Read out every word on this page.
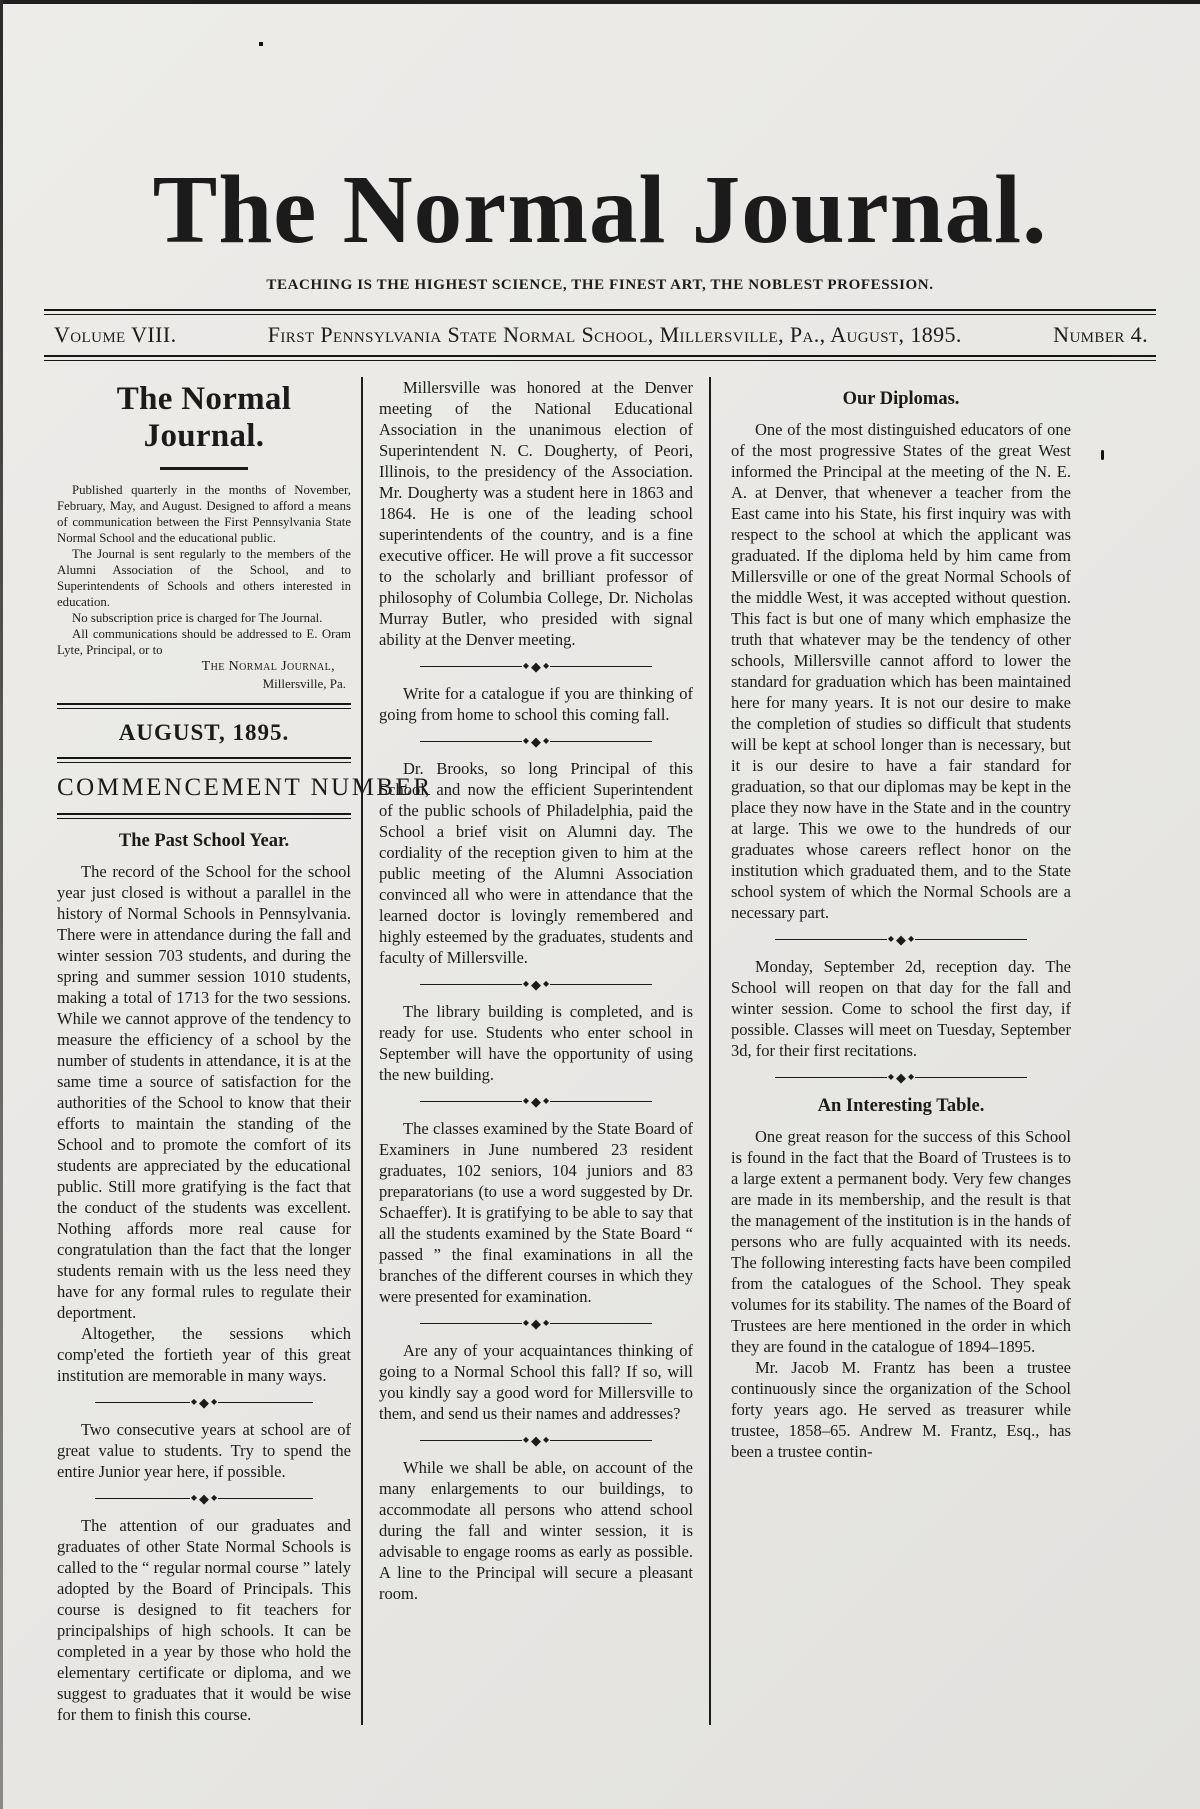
The Normal Journal.
TEACHING IS THE HIGHEST SCIENCE, THE FINEST ART, THE NOBLEST PROFESSION.
Volume VIII.	First Pennsylvania State Normal School, Millersville, Pa., August, 1895.	Number 4.
The Normal Journal.

Published quarterly in the months of November, February, May, and August. Designed to afford a means of communication between the First Pennsylvania State Normal School and the educational public.

The Journal is sent regularly to the members of the Alumni Association of the School, and to Superintendents of Schools and others interested in education.

No subscription price is charged for The Journal.

All communications should be addressed to E. Oram Lyte, Principal, or to

The Normal Journal,
Millersville, Pa.
AUGUST, 1895.
COMMENCEMENT NUMBER
The Past School Year.

The record of the School for the school year just closed is without a parallel in the history of Normal Schools in Pennsylvania. There were in attendance during the fall and winter session 703 students, and during the spring and summer session 1010 students, making a total of 1713 for the two sessions. While we cannot approve of the tendency to measure the efficiency of a school by the number of students in attendance, it is at the same time a source of satisfaction for the authorities of the School to know that their efforts to maintain the standing of the School and to promote the comfort of its students are appreciated by the educational public. Still more gratifying is the fact that the conduct of the students was excellent. Nothing affords more real cause for congratulation than the fact that the longer students remain with us the less need they have for any formal rules to regulate their deportment.

Altogether, the sessions which comp'eted the fortieth year of this great institution are memorable in many ways.

◆ ◆ ◆

Two consecutive years at school are of great value to students. Try to spend the entire Junior year here, if possible.

◆ ◆ ◆

The attention of our graduates and graduates of other State Normal Schools is called to the “ regular normal course ” lately adopted by the Board of Principals. This course is designed to fit teachers for principalships of high schools. It can be completed in a year by those who hold the elementary certificate or diploma, and we suggest to graduates that it would be wise for them to finish this course.

Millersville was honored at the Denver meeting of the National Educational Association in the unanimous election of Superintendent N. C. Dougherty, of Peori, Illinois, to the presidency of the Association. Mr. Dougherty was a student here in 1863 and 1864. He is one of the leading school superintendents of the country, and is a fine executive officer. He will prove a fit successor to the scholarly and brilliant professor of philosophy of Columbia College, Dr. Nicholas Murray Butler, who presided with signal ability at the Denver meeting.

◆ ◆ ◆

Write for a catalogue if you are thinking of going from home to school this coming fall.

◆ ◆ ◆

Dr. Brooks, so long Principal of this School, and now the efficient Superintendent of the public schools of Philadelphia, paid the School a brief visit on Alumni day. The cordiality of the reception given to him at the public meeting of the Alumni Association convinced all who were in attendance that the learned doctor is lovingly remembered and highly esteemed by the graduates, students and faculty of Millersville.

◆ ◆ ◆

The library building is completed, and is ready for use. Students who enter school in September will have the opportunity of using the new building.

◆ ◆ ◆

The classes examined by the State Board of Examiners in June numbered 23 resident graduates, 102 seniors, 104 juniors and 83 preparatorians (to use a word suggested by Dr. Schaeffer). It is gratifying to be able to say that all the students examined by the State Board “ passed ” the final examinations in all the branches of the different courses in which they were presented for examination.

◆ ◆ ◆

Are any of your acquaintances thinking of going to a Normal School this fall? If so, will you kindly say a good word for Millersville to them, and send us their names and addresses?

◆ ◆ ◆

While we shall be able, on account of the many enlargements to our buildings, to accommodate all persons who attend school during the fall and winter session, it is advisable to engage rooms as early as possible. A line to the Principal will secure a pleasant room.

Our Diplomas.

One of the most distinguished educators of one of the most progressive States of the great West informed the Principal at the meeting of the N. E. A. at Denver, that whenever a teacher from the East came into his State, his first inquiry was with respect to the school at which the applicant was graduated. If the diploma held by him came from Millersville or one of the great Normal Schools of the middle West, it was accepted without question. This fact is but one of many which emphasize the truth that whatever may be the tendency of other schools, Millersville cannot afford to lower the standard for graduation which has been maintained here for many years. It is not our desire to make the completion of studies so difficult that students will be kept at school longer than is necessary, but it is our desire to have a fair standard for graduation, so that our diplomas may be kept in the place they now have in the State and in the country at large. This we owe to the hundreds of our graduates whose careers reflect honor on the institution which graduated them, and to the State school system of which the Normal Schools are a necessary part.

◆ ◆ ◆

Monday, September 2d, reception day. The School will reopen on that day for the fall and winter session. Come to school the first day, if possible. Classes will meet on Tuesday, September 3d, for their first recitations.

◆ ◆ ◆
An Interesting Table.

One great reason for the success of this School is found in the fact that the Board of Trustees is to a large extent a permanent body. Very few changes are made in its membership, and the result is that the management of the institution is in the hands of persons who are fully acquainted with its needs. The following interesting facts have been compiled from the catalogues of the School. They speak volumes for its stability. The names of the Board of Trustees are here mentioned in the order in which they are found in the catalogue of 1894–1895.

Mr. Jacob M. Frantz has been a trustee continuously since the organization of the School forty years ago. He served as treasurer while trustee, 1858–65. Andrew M. Frantz, Esq., has been a trustee contin-
